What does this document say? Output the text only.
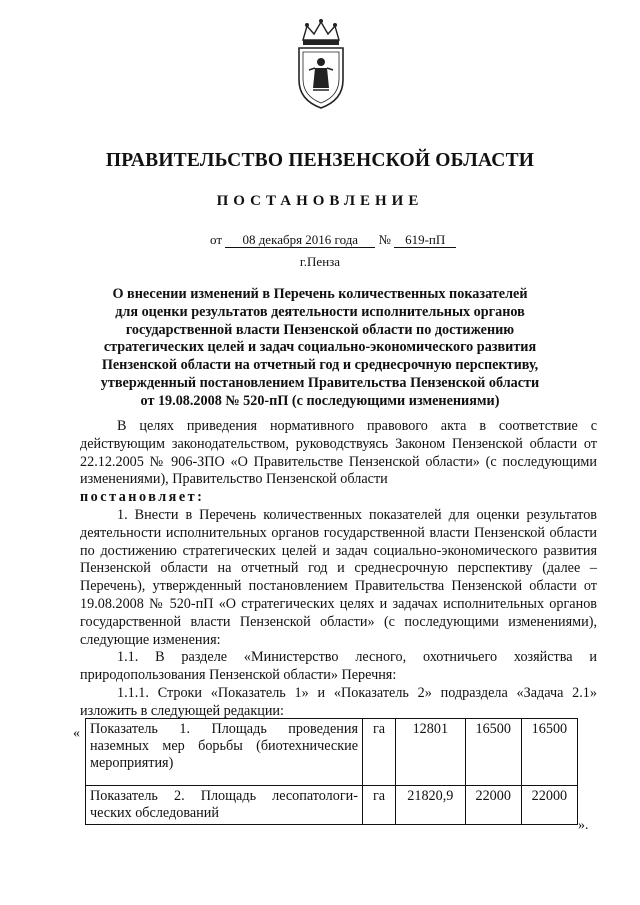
ПРАВИТЕЛЬСТВО ПЕНЗЕНСКОЙ ОБЛАСТИ
ПОСТАНОВЛЕНИЕ
от 08 декабря 2016 года № 619-пП
г.Пенза
О внесении изменений в Перечень количественных показателей для оценки результатов деятельности исполнительных органов государственной власти Пензенской области по достижению стратегических целей и задач социально-экономического развития Пензенской области на отчетный год и среднесрочную перспективу, утвержденный постановлением Правительства Пензенской области от 19.08.2008 № 520-пП (с последующими изменениями)

В целях приведения нормативного правового акта в соответствие с действующим законодательством, руководствуясь Законом Пензенской области от 22.12.2005 № 906-ЗПО «О Правительстве Пензенской области» (с последующими изменениями), Правительство Пензенской области

постановляет:

1. Внести в Перечень количественных показателей для оценки результатов деятельности исполнительных органов государственной власти Пензенской области по достижению стратегических целей и задач социально-экономического развития Пензенской области на отчетный год и среднесрочную перспективу (далее – Перечень), утвержденный постановлением Правительства Пензенской области от 19.08.2008 № 520-пП «О стратегических целях и задачах исполнительных органов государственной власти Пензенской области» (с последующими изменениями), следующие изменения:

1.1. В разделе «Министерство лесного, охотничьего хозяйства и природопользования Пензенской области» Перечня:

1.1.1. Строки «Показатель 1» и «Показатель 2» подраздела «Задача 2.1» изложить в следующей редакции:

« Показатель 1. Площадь проведения наземных мер борьбы (биотехнические мероприятия)	га	12801	16500	16500
Показатель 2. Площадь лесопатологи-ческих обследований	га	21820,9	22000	22000
».
